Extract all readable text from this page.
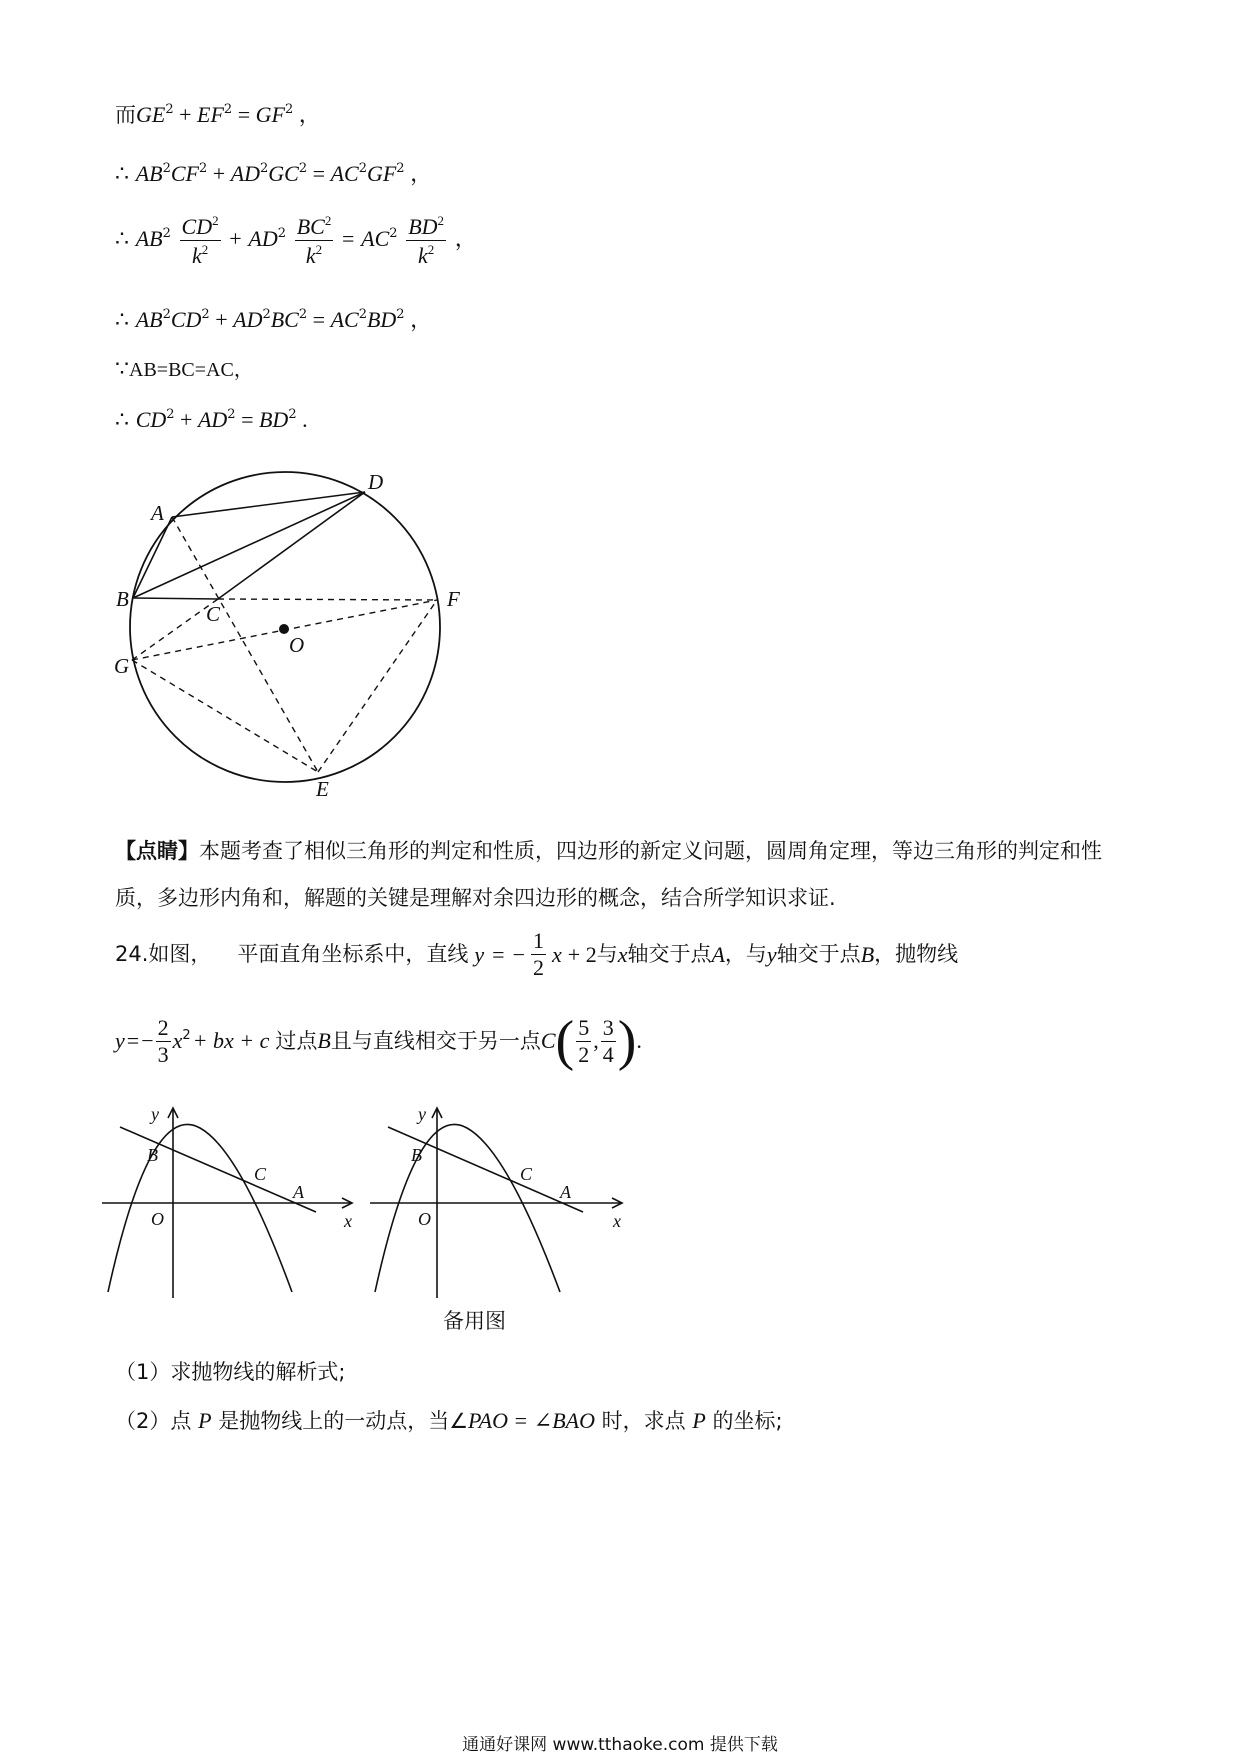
而$GE^2 + EF^2 = GF^2$ ，
∴ $AB^2CF^2 + AD^2GC^2 = AC^2GF^2$ ，
∴ $AB^2 \frac{CD^2}{k^2} + AD^2 \frac{BC^2}{k^2} = AC^2 \frac{BD^2}{k^2}$ ，
∴ $AB^2CD^2 + AD^2BC^2 = AC^2BD^2$ ，
∵AB=BC=AC，
∴ $CD^2 + AD^2 = BD^2$ .
A
B
C
D
E
F
G
O
【点睛】本题考查了相似三角形的判定和性质，四边形的新定义问题，圆周角定理，等边三角形的判定和性质，多边形内角和，解题的关键是理解对余四边形的概念，结合所学知识求证.
24.如图， 平面直角坐标系中，直线 y = − $\frac{1}{2}$ x + 2 与 x 轴交于点 A ，与 y 轴交于点 B ，抛物线
y = − $\frac{2}{3} x^2$ + bx + c 过点 B 且与直线相交于另一点 C ( $\frac{5}{2}$ , $\frac{3}{4}$ ) .
y
x
O
A
B
C
y
x
O
A
B
C
备用图
（1）求抛物线的解析式;
（2）点 P 是抛物线上的一动点，当∠PAO = ∠BAO 时，求点 P 的坐标;
通通好课网 www.tthaoke.com 提供下载
